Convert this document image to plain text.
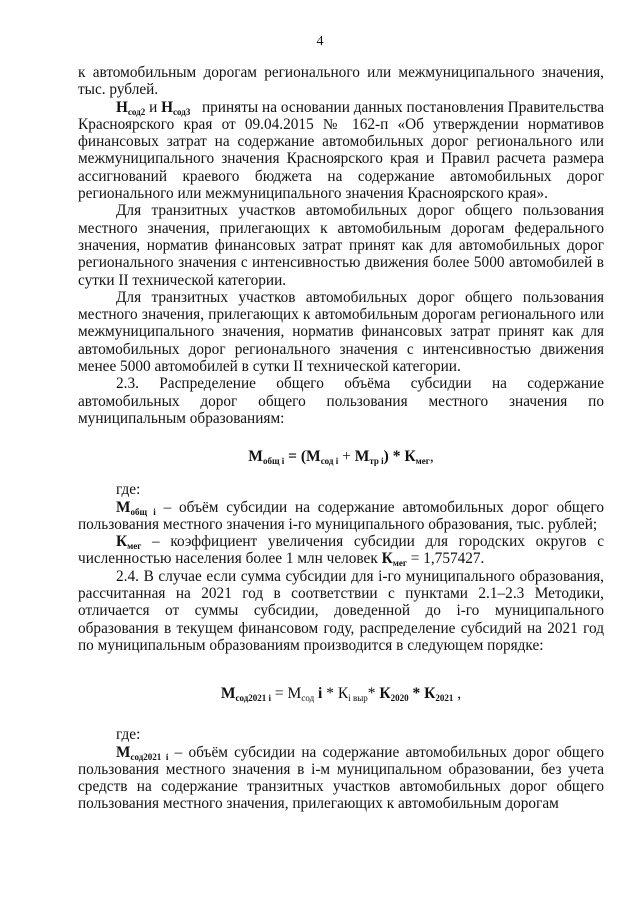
4

к автомобильным дорогам регионального или межмуниципального значения, тыс. рублей.

$Н_{сод2}$ и $Н_{сод3}$ приняты на основании данных постановления Правительства Красноярского края от 09.04.2015 № 162-п «Об утверждении нормативов финансовых затрат на содержание автомобильных дорог регионального или межмуниципального значения Красноярского края и Правил расчета размера ассигнований краевого бюджета на содержание автомобильных дорог регионального или межмуниципального значения Красноярского края».

Для транзитных участков автомобильных дорог общего пользования местного значения, прилегающих к автомобильным дорогам федерального значения, норматив финансовых затрат принят как для автомобильных дорог регионального значения с интенсивностью движения более 5000 автомобилей в сутки II технической категории.

Для транзитных участков автомобильных дорог общего пользования местного значения, прилегающих к автомобильным дорогам регионального или межмуниципального значения, норматив финансовых затрат принят как для автомобильных дорог регионального значения с интенсивностью движения менее 5000 автомобилей в сутки II технической категории.

2.3. Распределение общего объёма субсидии на содержание автомобильных дорог общего пользования местного значения по муниципальным образованиям:

$М_{общ i} = (М_{сод i} + М_{тр i}) * К_{мег}$,

где:

$М_{общ i}$ – объём субсидии на содержание автомобильных дорог общего пользования местного значения i-го муниципального образования, тыс. рублей;

$К_{мег}$ – коэффициент увеличения субсидии для городских округов с численностью населения более 1 млн человек $К_{мег} = 1,757427$.

2.4. В случае если сумма субсидии для i-го муниципального образования, рассчитанная на 2021 год в соответствии с пунктами 2.1–2.3 Методики, отличается от суммы субсидии, доведенной до i-го муниципального образования в текущем финансовом году, распределение субсидий на 2021 год по муниципальным образованиям производится в следующем порядке:

$М_{сод2021 i} = М_{сод}$ i * $К_{i выр}*$ $К_{2020} * К_{2021}$ ,

где:

$М_{сод2021 i}$ – объём субсидии на содержание автомобильных дорог общего пользования местного значения в i-м муниципальном образовании, без учета средств на содержание транзитных участков автомобильных дорог общего пользования местного значения, прилегающих к автомобильным дорогам
